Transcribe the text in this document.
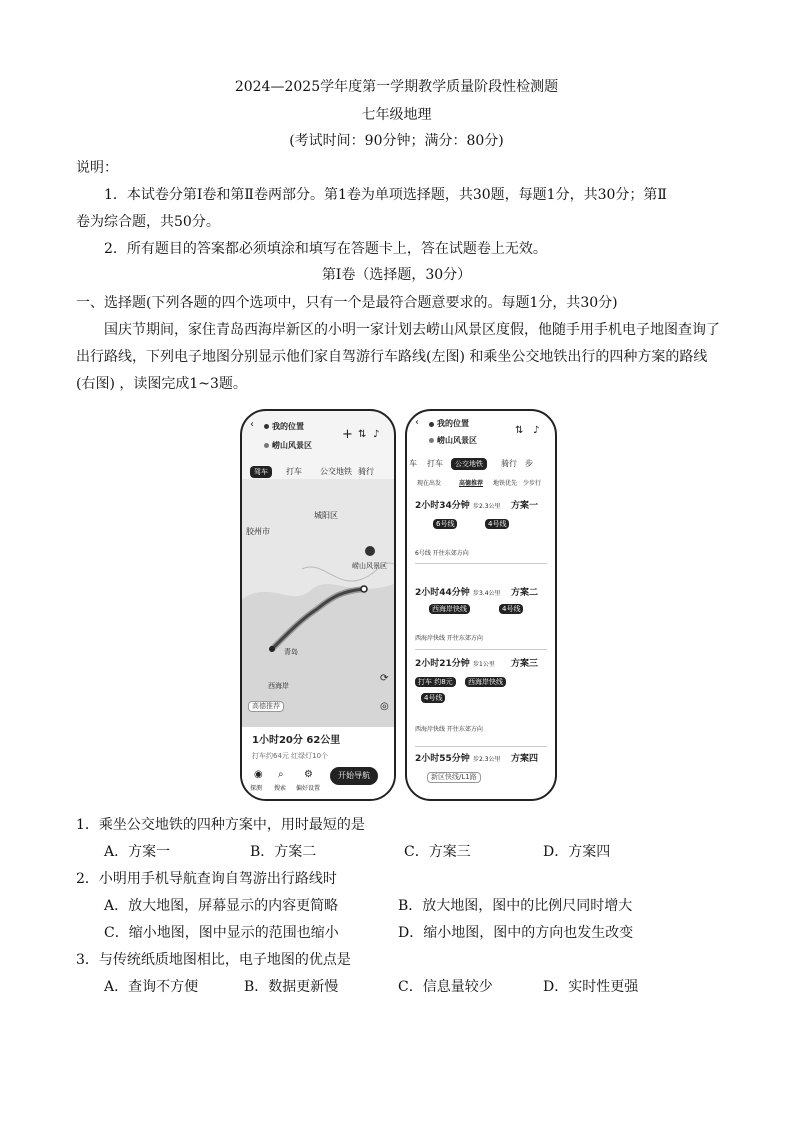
2024—2025学年度第一学期教学质量阶段性检测题
七年级地理
(考试时间：90分钟；满分：80分)
说明：
1．本试卷分第Ⅰ卷和第Ⅱ卷两部分。第1卷为单项选择题，共30题，每题1分，共30分；第Ⅱ
卷为综合题，共50分。
2．所有题目的答案都必须填涂和填写在答题卡上，答在试题卷上无效。
第Ⅰ卷（选择题，30分）
一、选择题(下列各题的四个选项中，只有一个是最符合题意要求的。每题1分，共30分)
国庆节期间，家住青岛西海岸新区的小明一家计划去崂山风景区度假，他随手用手机电子地图查询了
出行路线，下列电子地图分别显示他们家自驾游行车路线(左图) 和乘坐公交地铁出行的四种方案的路线
(右图) ，读图完成1~3题。
‹ 我的位置
崂山风景区
+ ⇅ ♪
驾车	打车 公交地铁 骑行
城阳区
胶州市
崂山风景区
青岛
西海岸
⟳
◎
高德推荐
1小时20分 62公里
打车约64元 红绿灯10个
◉ ⌕ ⚙
探测 搜索 偏好设置
开始导航
‹ 我的位置
崂山风景区
⇅ ♪
车 打车	公交地铁	骑行 步
现在出发	高德推荐 地铁优先 少步行
2小时34分钟 步2.3公里 方案一
6号线	4号线
6号线 开往东郊方向
2小时44分钟 步3.4公里 方案二
西海岸快线	4号线
西海岸快线 开往东郊方向
2小时21分钟 步1公里 方案三
打车 约8元	西海岸快线
4号线
西海岸快线 开往东郊方向
2小时55分钟 步2.3公里 方案四
新区快线/L1路
1．乘坐公交地铁的四种方案中，用时最短的是
A．方案一	B．方案二	C．方案三	D．方案四
2．小明用手机导航查询自驾游出行路线时
A．放大地图，屏幕显示的内容更简略	B．放大地图，图中的比例尺同时增大
C．缩小地图，图中显示的范围也缩小	D．缩小地图，图中的方向也发生改变
3．与传统纸质地图相比，电子地图的优点是
A．查询不方便	B．数据更新慢	C．信息量较少	D．实时性更强
